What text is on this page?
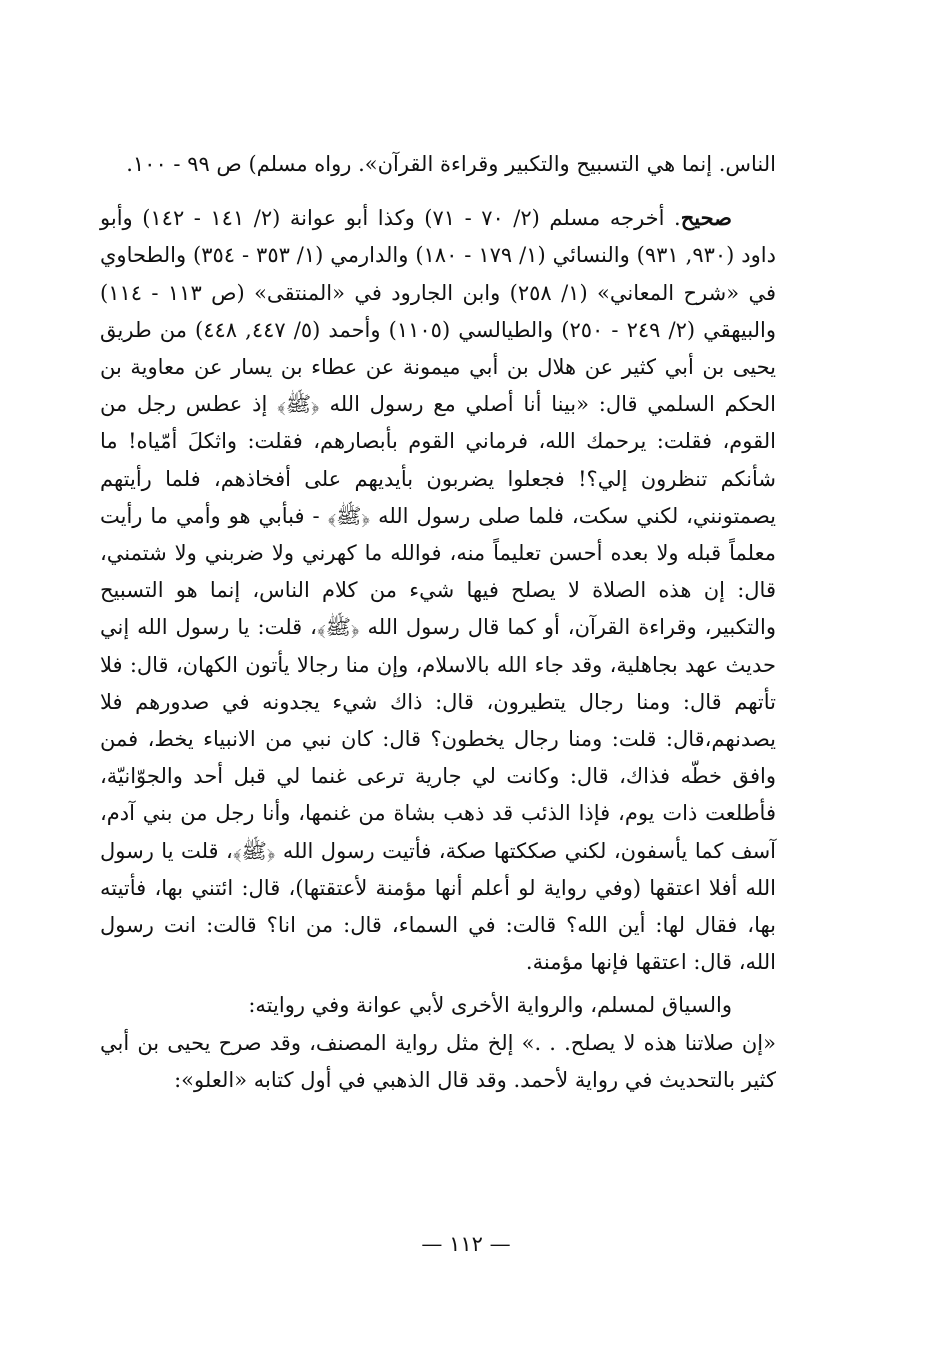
الناس. إنما هي التسبيح والتكبير وقراءة القرآن». رواه مسلم) ص ٩٩ - ١٠٠.

صحيح. أخرجه مسلم (٢/ ٧٠ - ٧١) وكذا أبو عوانة (٢/ ١٤١ - ١٤٢) وأبو داود (٩٣٠, ٩٣١) والنسائي (١/ ١٧٩ - ١٨٠) والدارمي (١/ ٣٥٣ - ٣٥٤) والطحاوي في «شرح المعاني» (١/ ٢٥٨) وابن الجارود في «المنتقى» (ص ١١٣ - ١١٤) والبيهقي (٢/ ٢٤٩ - ٢٥٠) والطيالسي (١١٠٥) وأحمد (٥/ ٤٤٧, ٤٤٨) من طريق يحيى بن أبي كثير عن هلال بن أبي ميمونة عن عطاء بن يسار عن معاوية بن الحكم السلمي قال: «بينا أنا أصلي مع رسول الله ﴿ﷺ﴾ إذ عطس رجل من القوم، فقلت: يرحمك الله، فرماني القوم بأبصارهم، فقلت: واثكلَ أمّياه! ما شأنكم تنظرون إلي؟! فجعلوا يضربون بأيديهم على أفخاذهم، فلما رأيتهم يصمتونني، لكني سكت، فلما صلى رسول الله ﴿ﷺ﴾ - فبأبي هو وأمي ما رأيت معلماً قبله ولا بعده أحسن تعليماً منه، فوالله ما كهرني ولا ضربني ولا شتمني، قال: إن هذه الصلاة لا يصلح فيها شيء من كلام الناس، إنما هو التسبيح والتكبير، وقراءة القرآن، أو كما قال رسول الله ﴿ﷺ﴾، قلت: يا رسول الله إني حديث عهد بجاهلية، وقد جاء الله بالاسلام، وإن منا رجالا يأتون الكهان، قال: فلا تأتهم قال: ومنا رجال يتطيرون، قال: ذاك شيء يجدونه في صدورهم فلا يصدنهم،قال: قلت: ومنا رجال يخطون؟ قال: كان نبي من الانبياء يخط، فمن وافق خطّه فذاك، قال: وكانت لي جارية ترعى غنما لي قبل أحد والجوّانيّة، فأطلعت ذات يوم، فإذا الذئب قد ذهب بشاة من غنمها، وأنا رجل من بني آدم، آسف كما يأسفون، لكني صككتها صكة، فأتيت رسول الله ﴿ﷺ﴾، قلت يا رسول الله أفلا اعتقها (وفي رواية لو أعلم أنها مؤمنة لأعتقتها)، قال: ائتني بها، فأتيته بها، فقال لها: أين الله؟ قالت: في السماء، قال: من انا؟ قالت: انت رسول الله، قال: اعتقها فإنها مؤمنة.

والسياق لمسلم، والرواية الأخرى لأبي عوانة وفي روايته:

«إن صلاتنا هذه لا يصلح. . .» إلخ مثل رواية المصنف، وقد صرح يحيى بن أبي كثير بالتحديث في رواية لأحمد. وقد قال الذهبي في أول كتابه «العلو»:

— ١١٢ —
